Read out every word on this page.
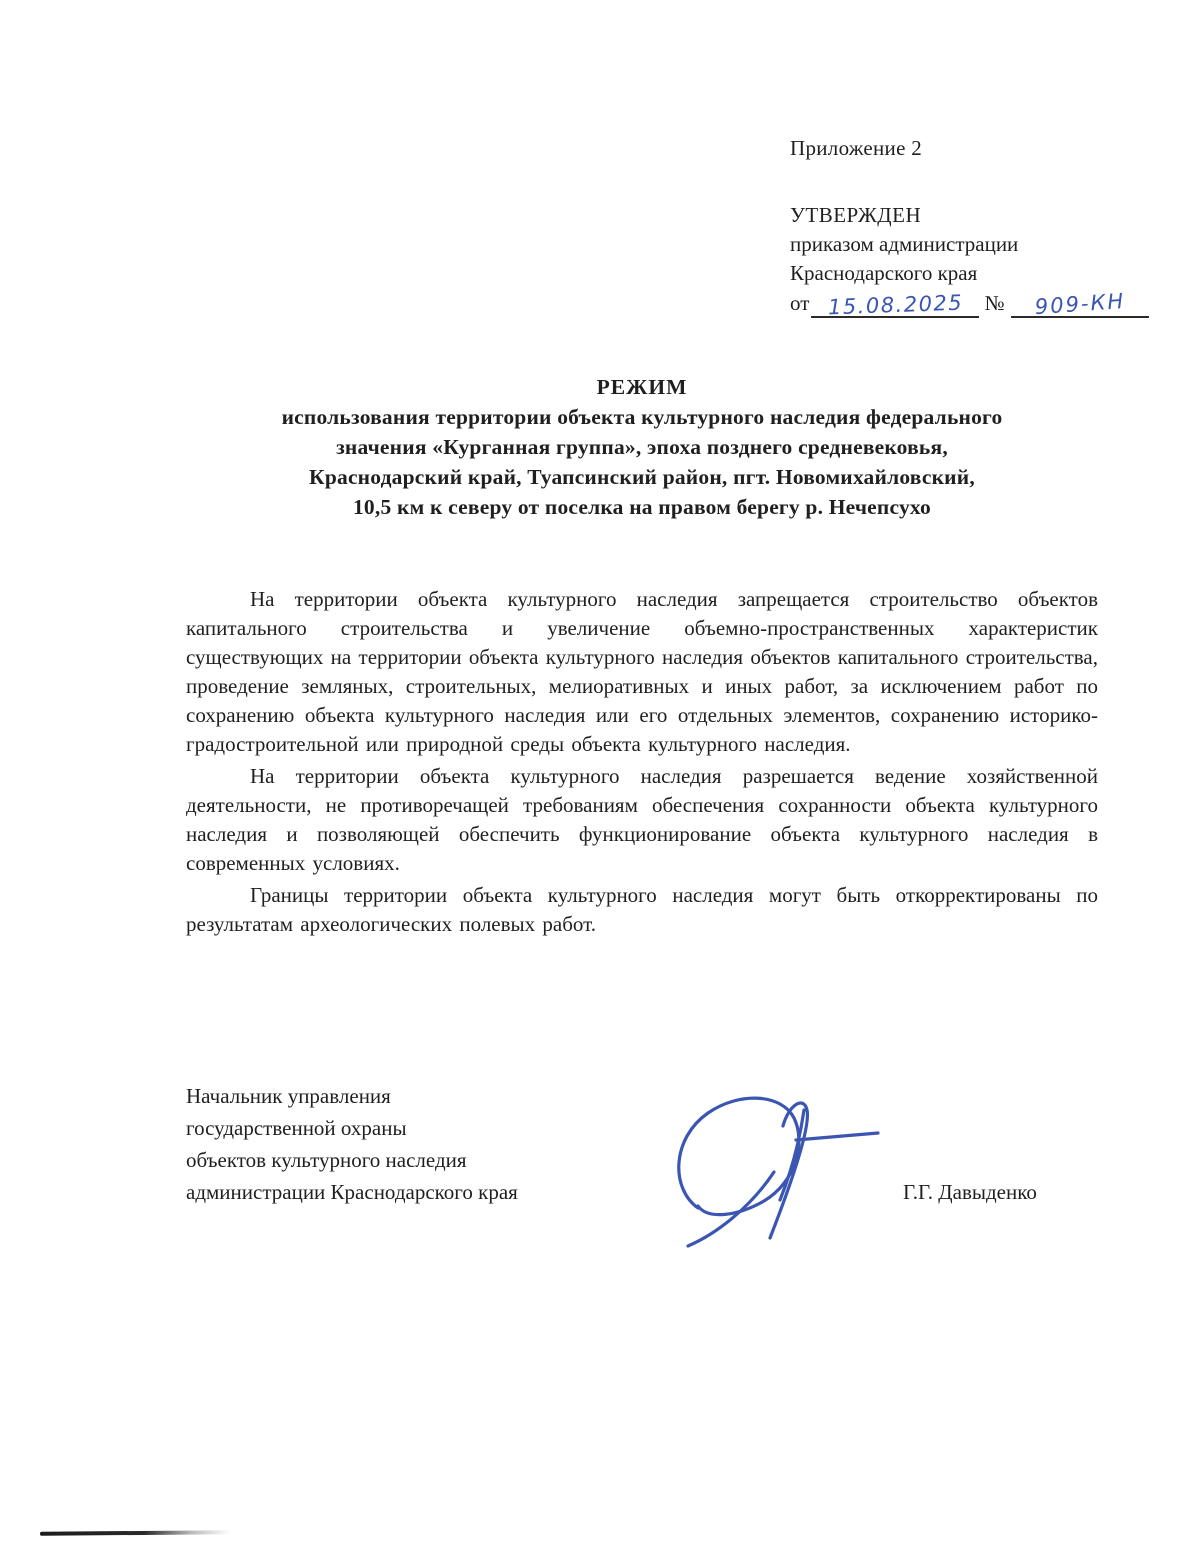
Приложение 2
УТВЕРЖДЕН
приказом администрации
Краснодарского края
от 15.08.2025 № 909-КН
РЕЖИМ
использования территории объекта культурного наследия федерального
значения «Курганная группа», эпоха позднего средневековья,
Краснодарский край, Туапсинский район, пгт. Новомихайловский,
10,5 км к северу от поселка на правом берегу р. Нечепсухо

На территории объекта культурного наследия запрещается строительство объектов капитального строительства и увеличение объемно-пространственных характеристик существующих на территории объекта культурного наследия объектов капитального строительства, проведение земляных, строительных, мелиоративных и иных работ, за исключением работ по сохранению объекта культурного наследия или его отдельных элементов, сохранению историко-градостроительной или природной среды объекта культурного наследия.

На территории объекта культурного наследия разрешается ведение хозяйственной деятельности, не противоречащей требованиям обеспечения сохранности объекта культурного наследия и позволяющей обеспечить функционирование объекта культурного наследия в современных условиях.

Границы территории объекта культурного наследия могут быть откорректированы по результатам археологических полевых работ.

Начальник управления
государственной охраны
объектов культурного наследия
администрации Краснодарского края	Г.Г. Давыденко
